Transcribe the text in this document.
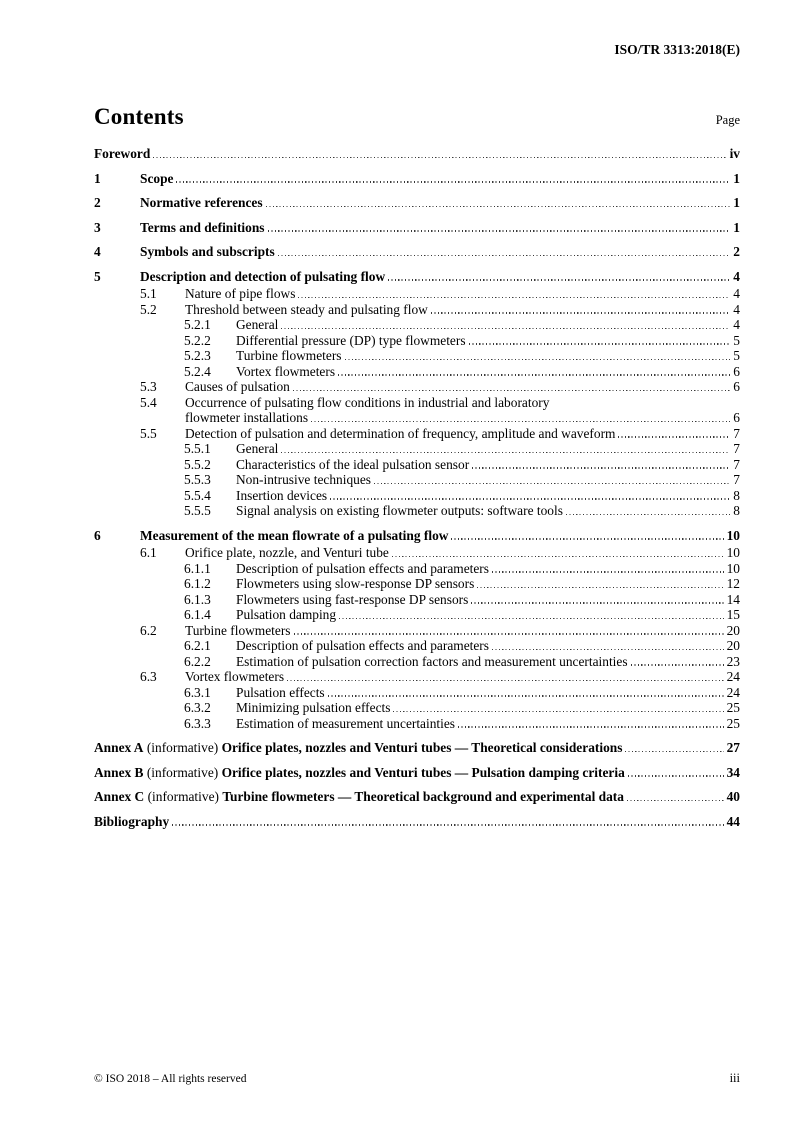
ISO/TR 3313:2018(E)
Contents	Page
Foreword	iv
1	Scope	1
2	Normative references	1
3	Terms and definitions	1
4	Symbols and subscripts	2
5	Description and detection of pulsating flow	4
5.1	Nature of pipe flows	4
5.2	Threshold between steady and pulsating flow	4
5.2.1	General	4
5.2.2	Differential pressure (DP) type flowmeters	5
5.2.3	Turbine flowmeters	5
5.2.4	Vortex flowmeters	6
5.3	Causes of pulsation	6
5.4	Occurrence of pulsating flow conditions in industrial and laboratory
flowmeter installations	6
5.5	Detection of pulsation and determination of frequency, amplitude and waveform	7
5.5.1	General	7
5.5.2	Characteristics of the ideal pulsation sensor	7
5.5.3	Non-intrusive techniques	7
5.5.4	Insertion devices	8
5.5.5	Signal analysis on existing flowmeter outputs: software tools	8
6	Measurement of the mean flowrate of a pulsating flow	10
6.1	Orifice plate, nozzle, and Venturi tube	10
6.1.1	Description of pulsation effects and parameters	10
6.1.2	Flowmeters using slow-response DP sensors	12
6.1.3	Flowmeters using fast-response DP sensors	14
6.1.4	Pulsation damping	15
6.2	Turbine flowmeters	20
6.2.1	Description of pulsation effects and parameters	20
6.2.2	Estimation of pulsation correction factors and measurement uncertainties	23
6.3	Vortex flowmeters	24
6.3.1	Pulsation effects	24
6.3.2	Minimizing pulsation effects	25
6.3.3	Estimation of measurement uncertainties	25
Annex A (informative) Orifice plates, nozzles and Venturi tubes — Theoretical considerations	27
Annex B (informative) Orifice plates, nozzles and Venturi tubes — Pulsation damping criteria	34
Annex C (informative) Turbine flowmeters — Theoretical background and experimental data	40
Bibliography	44
© ISO 2018 – All rights reserved	iii
